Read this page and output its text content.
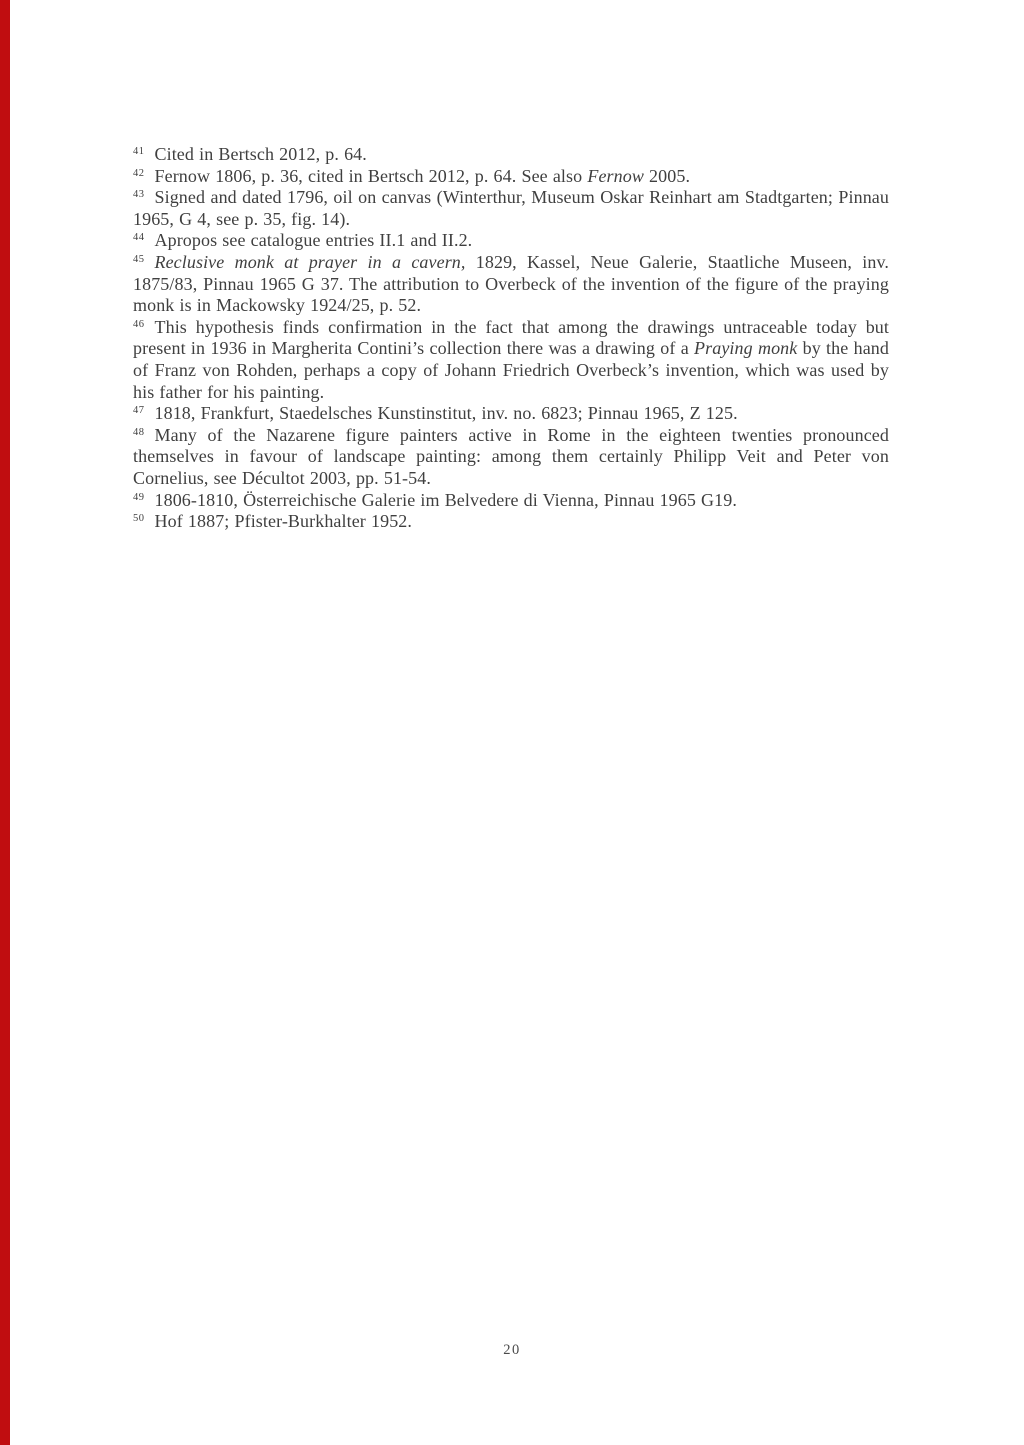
$^{41}$ Cited in Bertsch 2012, p. 64.

$^{42}$ Fernow 1806, p. 36, cited in Bertsch 2012, p. 64. See also Fernow 2005.

$^{43}$ Signed and dated 1796, oil on canvas (Winterthur, Museum Oskar Reinhart am Stadtgarten; Pinnau 1965, G 4, see p. 35, fig. 14).

$^{44}$ Apropos see catalogue entries II.1 and II.2.

$^{45}$ Reclusive monk at prayer in a cavern, 1829, Kassel, Neue Galerie, Staatliche Museen, inv. 1875/83, Pinnau 1965 G 37. The attribution to Overbeck of the invention of the figure of the praying monk is in Mackowsky 1924/25, p. 52.

$^{46}$ This hypothesis finds confirmation in the fact that among the drawings untraceable today but present in 1936 in Margherita Contini’s collection there was a drawing of a Praying monk by the hand of Franz von Rohden, perhaps a copy of Johann Friedrich Overbeck’s invention, which was used by his father for his painting.

$^{47}$ 1818, Frankfurt, Staedelsches Kunstinstitut, inv. no. 6823; Pinnau 1965, Z 125.

$^{48}$ Many of the Nazarene figure painters active in Rome in the eighteen twenties pronounced themselves in favour of landscape painting: among them certainly Philipp Veit and Peter von Cornelius, see Décultot 2003, pp. 51-54.

$^{49}$ 1806-1810, Österreichische Galerie im Belvedere di Vienna, Pinnau 1965 G19.

$^{50}$ Hof 1887; Pfister-Burkhalter 1952.

20
